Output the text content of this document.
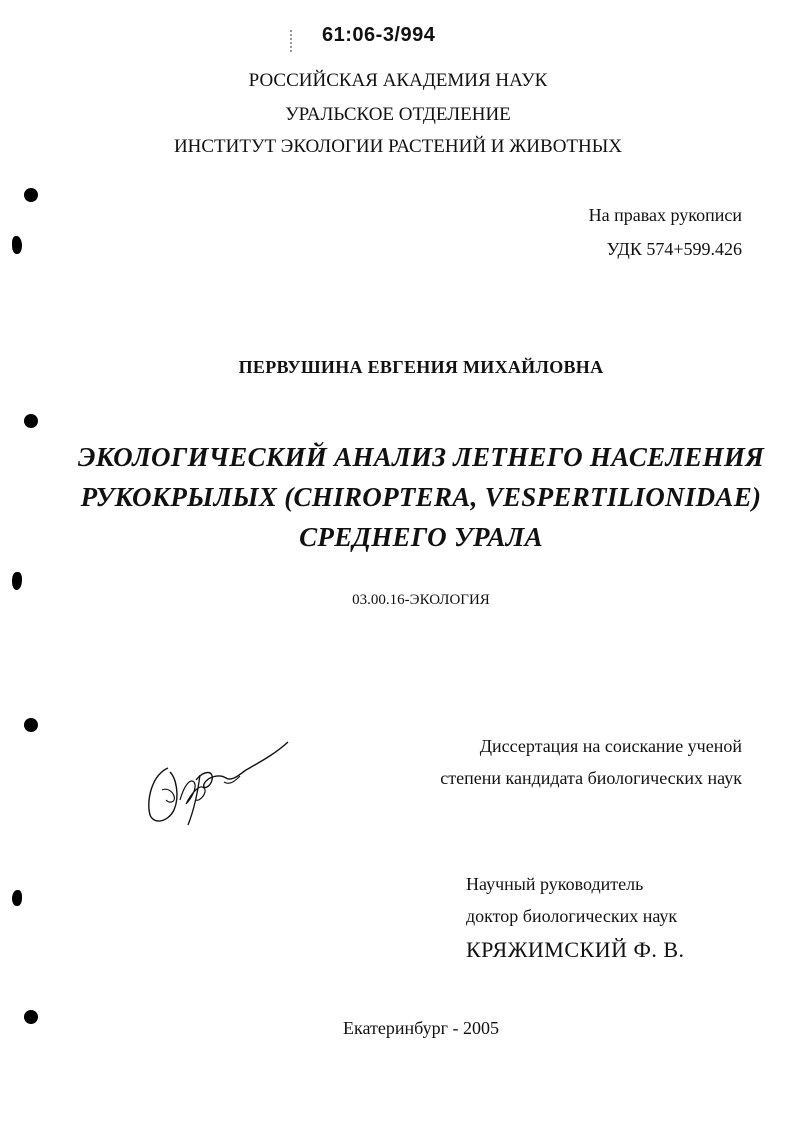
61:06-3/994
РОССИЙСКАЯ АКАДЕМИЯ НАУК
УРАЛЬСКОЕ ОТДЕЛЕНИЕ
ИНСТИТУТ ЭКОЛОГИИ РАСТЕНИЙ И ЖИВОТНЫХ
На правах рукописи
УДК 574+599.426
ПЕРВУШИНА ЕВГЕНИЯ МИХАЙЛОВНА
ЭКОЛОГИЧЕСКИЙ АНАЛИЗ ЛЕТНЕГО НАСЕЛЕНИЯ
РУКОКРЫЛЫХ (CHIROPTERA, VESPERTILIONIDAE)
СРЕДНЕГО УРАЛА
03.00.16-ЭКОЛОГИЯ
Диссертация на соискание ученой
степени кандидата биологических наук
Научный руководитель
доктор биологических наук
КРЯЖИМСКИЙ Ф. В.
Екатеринбург - 2005
